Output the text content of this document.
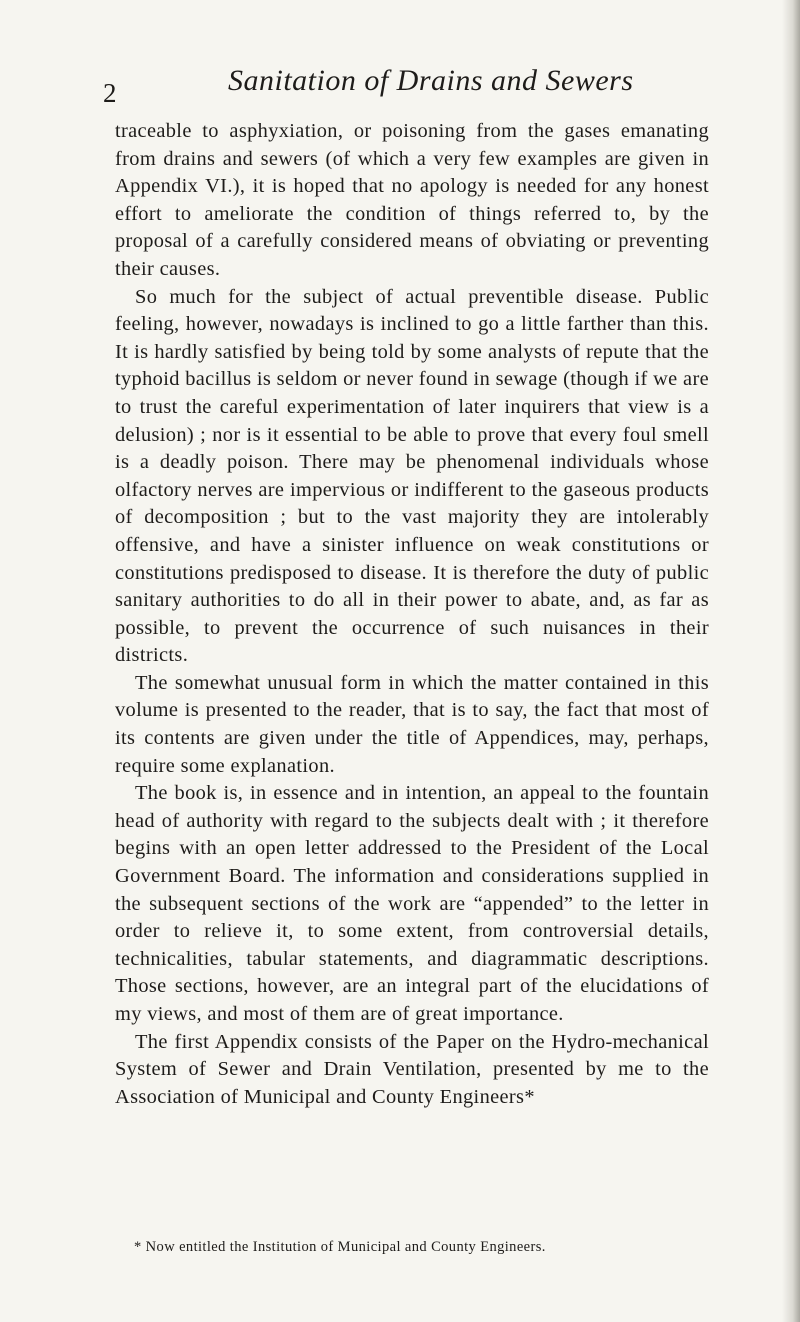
2	Sanitation of Drains and Sewers

traceable to asphyxiation, or poisoning from the gases emanating from drains and sewers (of which a very few examples are given in Appendix VI.), it is hoped that no apology is needed for any honest effort to ameliorate the condition of things referred to, by the proposal of a carefully considered means of obviating or preventing their causes.

So much for the subject of actual preventible disease. Public feeling, however, nowadays is inclined to go a little farther than this. It is hardly satisfied by being told by some analysts of repute that the typhoid bacillus is seldom or never found in sewage (though if we are to trust the careful experimentation of later inquirers that view is a delusion) ; nor is it essential to be able to prove that every foul smell is a deadly poison. There may be phenomenal individuals whose olfactory nerves are impervious or indifferent to the gaseous products of decomposition ; but to the vast majority they are intolerably offensive, and have a sinister influence on weak constitutions or constitutions predisposed to disease. It is therefore the duty of public sanitary authorities to do all in their power to abate, and, as far as possible, to prevent the occurrence of such nuisances in their districts.

The somewhat unusual form in which the matter contained in this volume is presented to the reader, that is to say, the fact that most of its contents are given under the title of Appendices, may, perhaps, require some explanation.

The book is, in essence and in intention, an appeal to the fountain head of authority with regard to the subjects dealt with ; it therefore begins with an open letter addressed to the President of the Local Government Board. The information and considerations supplied in the subsequent sections of the work are “appended” to the letter in order to relieve it, to some extent, from controversial details, technicalities, tabular statements, and diagrammatic descriptions. Those sections, however, are an integral part of the elucidations of my views, and most of them are of great importance.

The first Appendix consists of the Paper on the Hydro-mechanical System of Sewer and Drain Ventilation, presented by me to the Association of Municipal and County Engineers*

* Now entitled the Institution of Municipal and County Engineers.
